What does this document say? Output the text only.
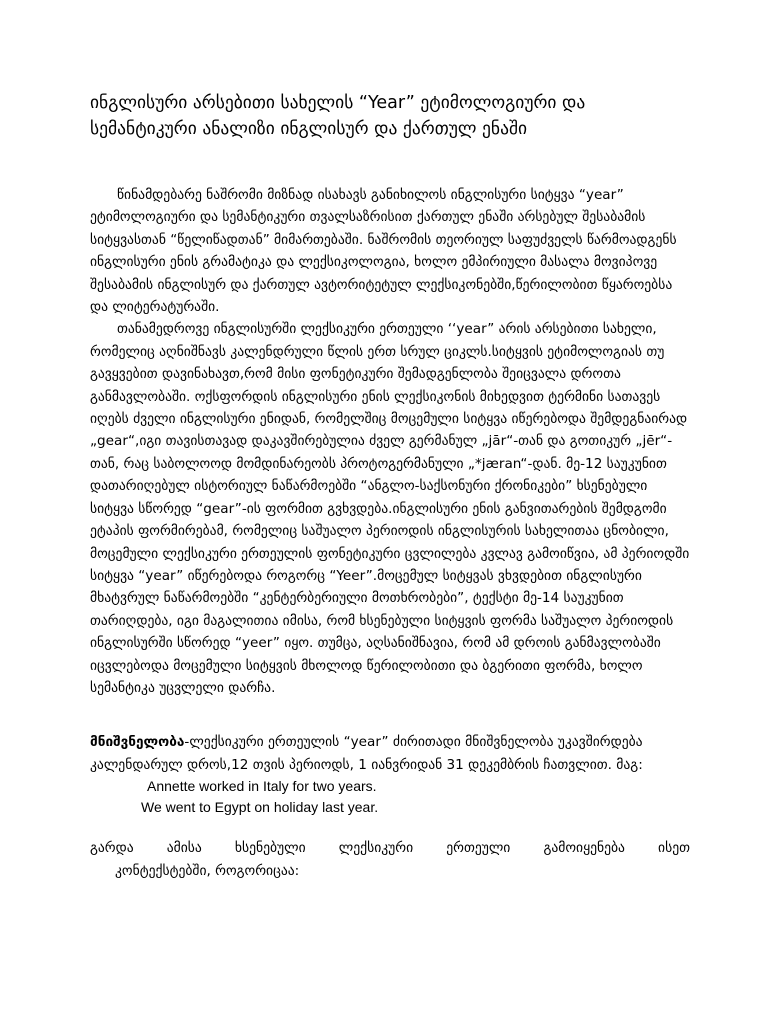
ინგლისური არსებითი სახელის “Year” ეტიმოლოგიური და სემანტიკური ანალიზი ინგლისურ და ქართულ ენაში

წინამდებარე ნაშრომი მიზნად ისახავს განიხილოს ინგლისური სიტყვა “year” ეტიმოლოგიური და სემანტიკური თვალსაზრისით ქართულ ენაში არსებულ შესაბამის სიტყვასთან “წელიწადთან” მიმართებაში. ნაშრომის თეორიულ საფუძველს წარმოადგენს ინგლისური ენის გრამატიკა და ლექსიკოლოგია, ხოლო ემპირიული მასალა მოვიპოვე შესაბამის ინგლისურ და ქართულ ავტორიტეტულ ლექსიკონებში,წერილობით წყაროებსა და ლიტერატურაში.

თანამედროვე ინგლისურში ლექსიკური ერთეული ‘‘year” არის არსებითი სახელი, რომელიც აღნიშნავს კალენდრული წლის ერთ სრულ ციკლს.სიტყვის ეტიმოლოგიას თუ გავყვებით დავინახავთ,რომ მისი ფონეტიკური შემადგენლობა შეიცვალა დროთა განმავლობაში. ოქსფორდის ინგლისური ენის ლექსიკონის მიხედვით ტერმინი სათავეს იღებს ძველი ინგლისური ენიდან, რომელშიც მოცემული სიტყვა იწერებოდა შემდეგნაირად „gear“,იგი თავისთავად დაკავშირებულია ძველ გერმანულ „jār“-თან და გოთიკურ „jēr“-თან, რაც საბოლოოდ მომდინარეობს პროტოგერმანული „*jæran“-დან. მე-12 საუკუნით დათარიღებულ ისტორიულ ნაწარმოებში “ანგლო-საქსონური ქრონიკები” ხსენებული სიტყვა სწორედ “gear”-ის ფორმით გვხვდება.ინგლისური ენის განვითარების შემდგომი ეტაპის ფორმირებამ, რომელიც საშუალო პერიოდის ინგლისურის სახელითაა ცნობილი, მოცემული ლექსიკური ერთეულის ფონეტიკური ცვლილება კვლავ გამოიწვია, ამ პერიოდში სიტყვა “year” იწერებოდა როგორც “Yeer”.მოცემულ სიტყვას ვხვდებით ინგლისური მხატვრულ ნაწარმოებში “კენტერბერიული მოთხრობები”, ტექსტი მე-14 საუკუნით თარიღდება, იგი მაგალითია იმისა, რომ ხსენებული სიტყვის ფორმა საშუალო პერიოდის ინგლისურში სწორედ “yeer” იყო. თუმცა, აღსანიშნავია, რომ ამ დროის განმავლობაში იცვლებოდა მოცემული სიტყვის მხოლოდ წერილობითი და ბგერითი ფორმა, ხოლო სემანტიკა უცვლელი დარჩა.

მნიშვნელობა-ლექსიკური ერთეულის “year” ძირითადი მნიშვნელობა უკავშირდება კალენდარულ დროს,12 თვის პერიოდს, 1 იანვრიდან 31 დეკემბრის ჩათვლით. მაგ:

Annette worked in Italy for two years.
We went to Egypt on holiday last year.

გარდა ამისა ხსენებული ლექსიკური ერთეული გამოიყენება ისეთ

კონტექსტებში, როგორიცაა:
